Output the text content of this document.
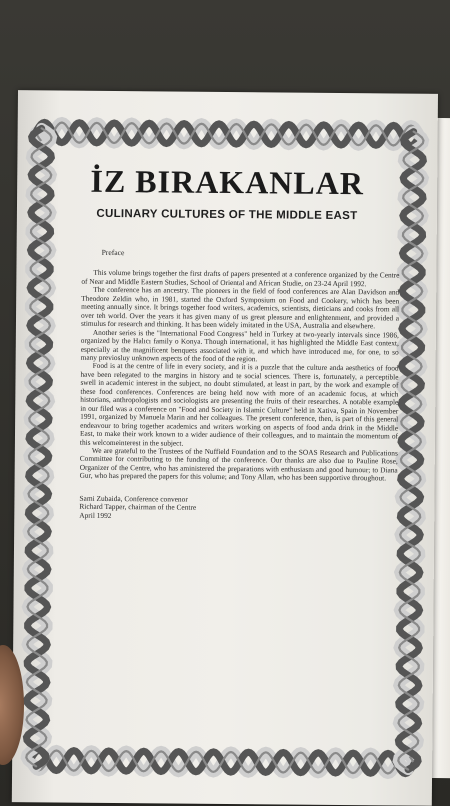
İZ BIRAKANLAR
CULINARY CULTURES OF THE MIDDLE EAST
Preface

This volume brings together the first drafts of papers presented at a conference organized by the Centre of Near and Middle Eastern Studies, School of Oriental and African Studie, on 23-24 April 1992.

The conference has an ancestry. The pioneers in the field of food conferences are Alan Davidson and Theodore Zeldin who, in 1981, started the Oxford Symposium on Food and Cookery, which has been meeting annually since. It brings together food writers, academics, scientists, dieticians and cooks from all over teh world. Over the years it has given many of us great pleasure and enlightenment, and provided a stimulus for research and thinking. It has been widely imitated in the USA, Australia and elsewhere.

Another series is the "International Food Congress" held in Turkey at two-yearly intervals since 1986, organized by the Halıcı family o Konya. Though international, it has highlighted the Middle East context, especially at the magnificent benquets associated with it, and which have introduced me, for one, to so many previosluy unknown aspects of the food of the region.

Food is at the centre of life in every society, and it is a puzzle that the culture anda aesthetics of food have been relegated to the margins in history and te social sciences. There is, fortunately, a perceptible swell in academic interest in the subject, no doubt stimulated, at least in part, by the work and example of these food conferences. Conferences are being held now with more of an academic focus, at which historians, anthropologists and sociologists are presenting the fruits of their researches. A notable example in our filed was a conference on "Food and Society in Islamic Culture" held in Xativa, Spain in November 1991, organized by Manuela Marin and her colleagues. The present conference, then, is part of this general endeavour to bring together academics and writers working on aspects of food anda drink in the Middle East, to make their work known to a wider audience of their colleagues, and to maintain the momentum of this welcomeinterest in the subject.

We are grateful to the Trustees of the Nuffield Foundation and to the SOAS Research and Publications Committee for contributing to the funding of the conference. Our thanks are also due to Pauline Rose, Organizer of the Centre, who has aministered the preparations with enthusiasm and good humour; to Diana Gur, who has prepared the papers for this volume; and Tony Allan, who has been supportive throughout.

Sami Zubaida, Conference convenor
Richard Tapper, chairman of the Centre
April 1992
